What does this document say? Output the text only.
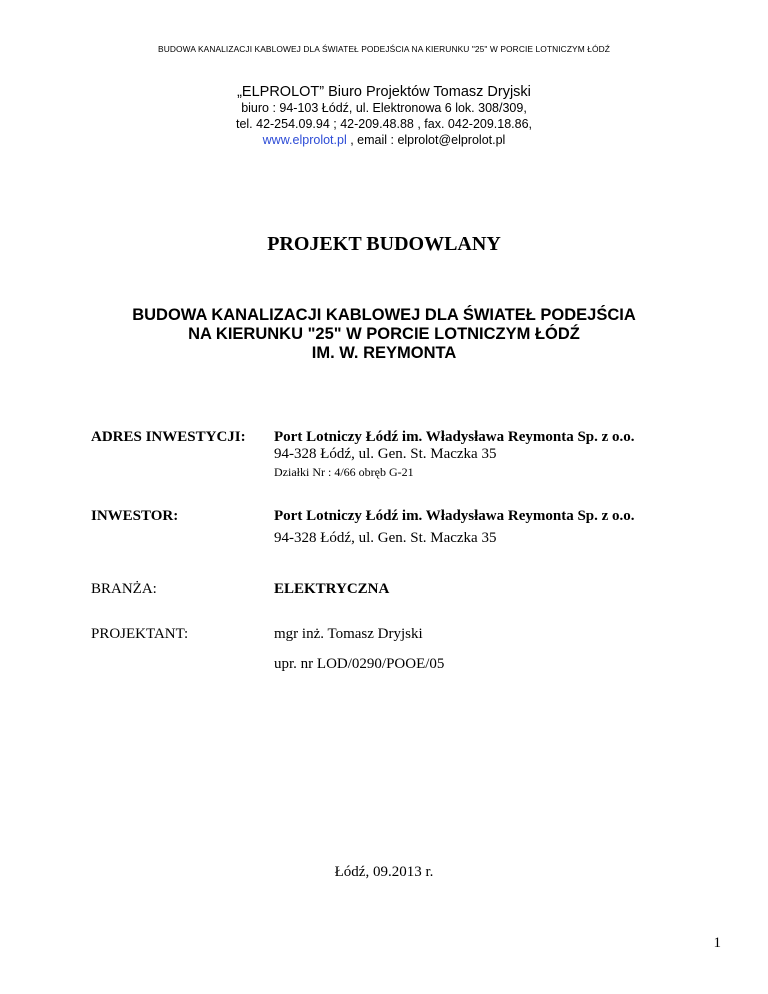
BUDOWA KANALIZACJI KABLOWEJ DLA ŚWIATEŁ PODEJŚCIA NA KIERUNKU "25" W PORCIE LOTNICZYM ŁÓDŹ
„ELPROLOT” Biuro Projektów Tomasz Dryjski
biuro : 94-103 Łódź, ul. Elektronowa 6 lok. 308/309,
tel. 42-254.09.94 ; 42-209.48.88 , fax. 042-209.18.86,
www.elprolot.pl , email : elprolot@elprolot.pl
PROJEKT BUDOWLANY
BUDOWA KANALIZACJI KABLOWEJ DLA ŚWIATEŁ PODEJŚCIA
NA KIERUNKU "25" W PORCIE LOTNICZYM ŁÓDŹ
IM. W. REYMONTA
ADRES INWESTYCJI: Port Lotniczy Łódź im. Władysława Reymonta Sp. z o.o.
94-328 Łódź, ul. Gen. St. Maczka 35
Działki Nr : 4/66 obręb G-21
INWESTOR:	Port Lotniczy Łódź im. Władysława Reymonta Sp. z o.o.
94-328 Łódź, ul. Gen. St. Maczka 35
BRANŻA:	ELEKTRYCZNA
PROJEKTANT:	mgr inż. Tomasz Dryjski
upr. nr LOD/0290/POOE/05
Łódź, 09.2013 r.
1
